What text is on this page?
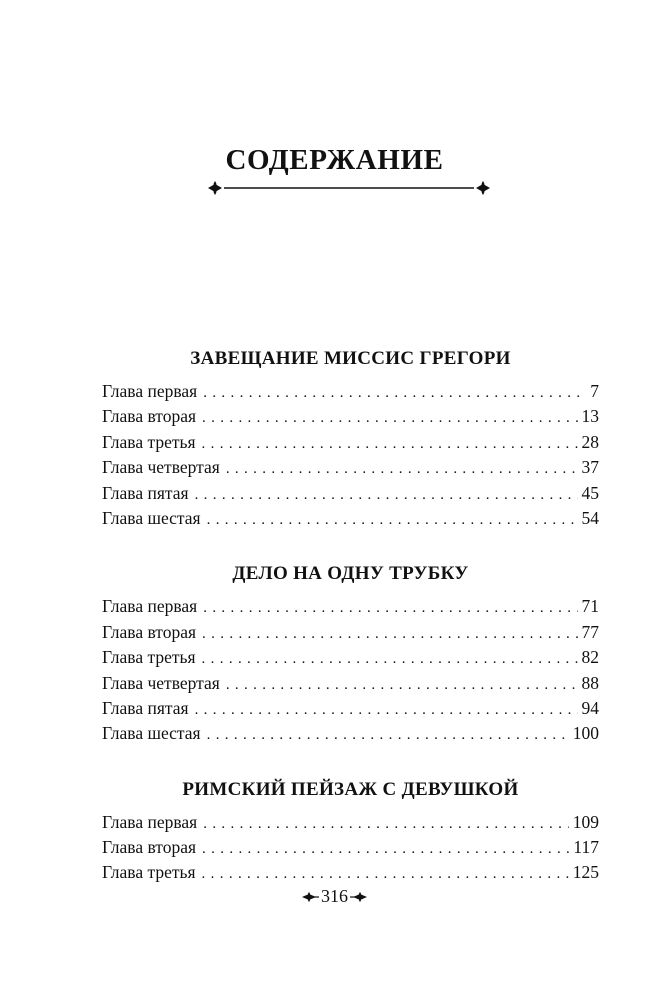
СОДЕРЖАНИЕ
ЗАВЕЩАНИЕ МИССИС ГРЕГОРИ
Глава первая . . .	7
Глава вторая . . .	13
Глава третья . . .	28
Глава четвертая . . .	37
Глава пятая . . .	45
Глава шестая . . .	54
ДЕЛО НА ОДНУ ТРУБКУ
Глава первая . . .	71
Глава вторая . . .	77
Глава третья . . .	82
Глава четвертая . . .	88
Глава пятая . . .	94
Глава шестая . . .	100
РИМСКИЙ ПЕЙЗАЖ С ДЕВУШКОЙ
Глава первая . . .	109
Глава вторая . . .	117
Глава третья . . .	125
316
